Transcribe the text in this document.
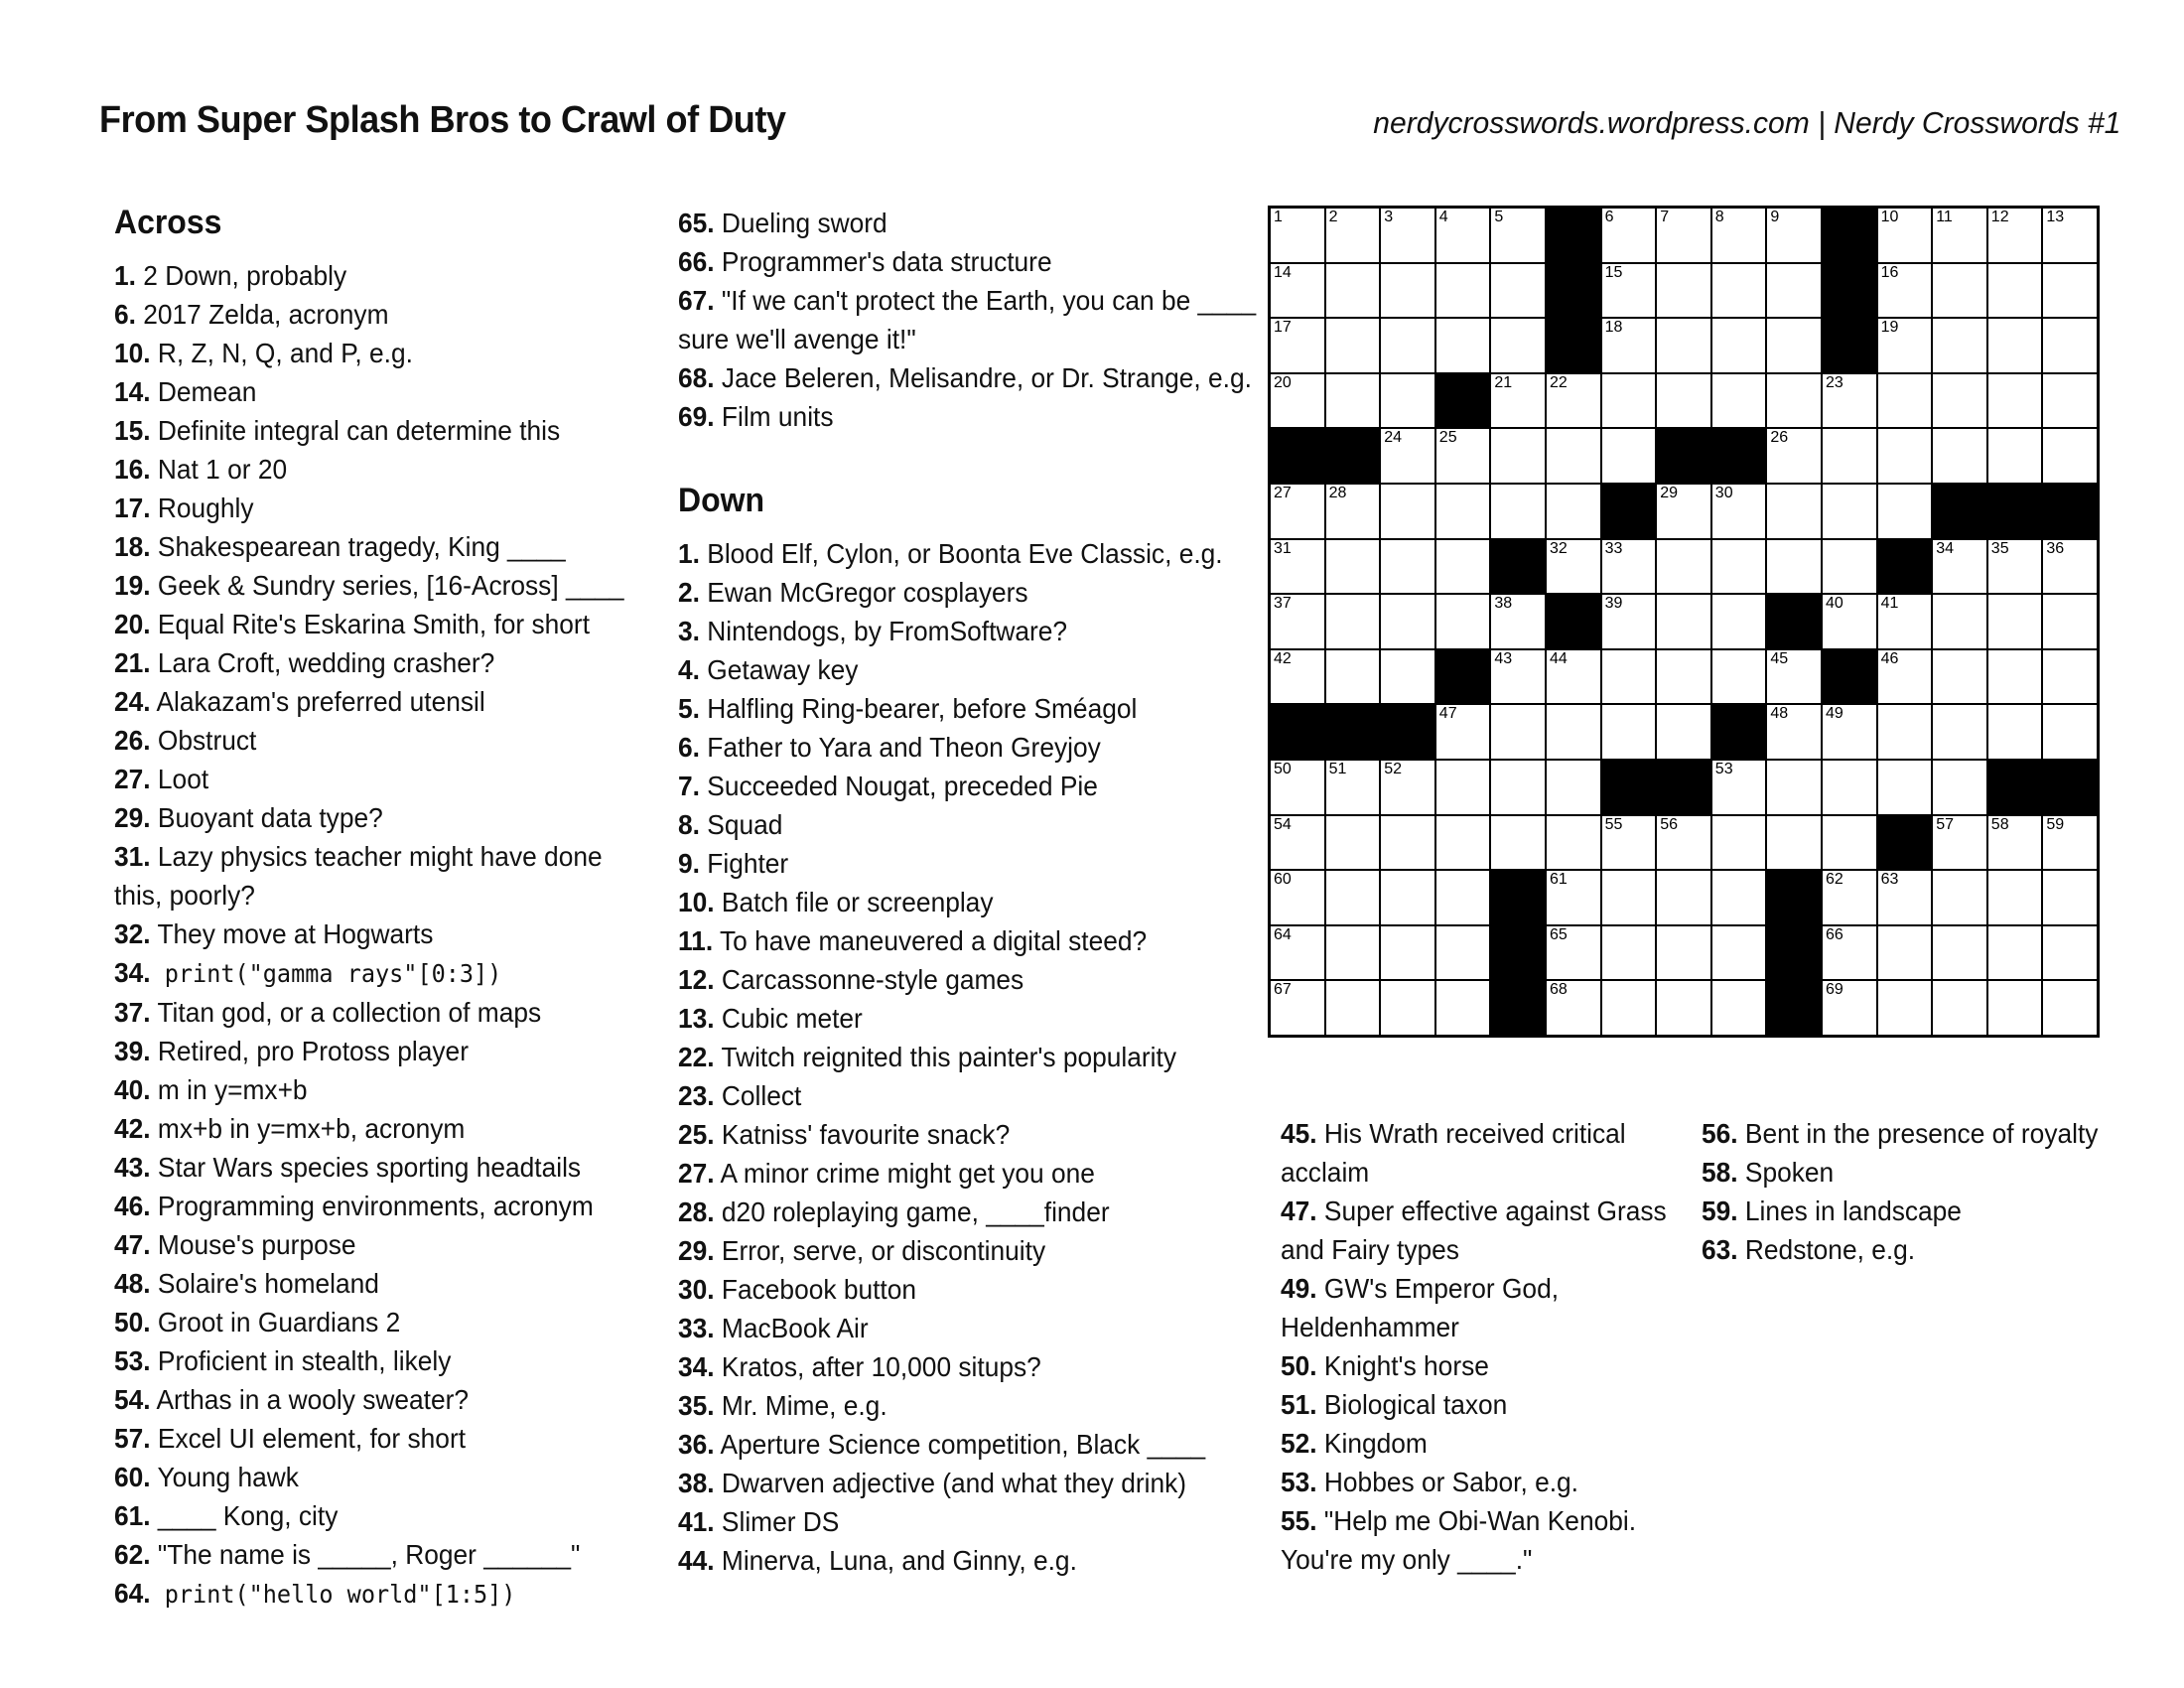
From Super Splash Bros to Crawl of Duty	nerdycrosswords.wordpress.com | Nerdy Crosswords #1
Across
1. 2 Down, probably
6. 2017 Zelda, acronym
10. R, Z, N, Q, and P, e.g.
14. Demean
15. Definite integral can determine this
16. Nat 1 or 20
17. Roughly
18. Shakespearean tragedy, King ____
19. Geek & Sundry series, [16-Across] ____
20. Equal Rite's Eskarina Smith, for short
21. Lara Croft, wedding crasher?
24. Alakazam's preferred utensil
26. Obstruct
27. Loot
29. Buoyant data type?
31. Lazy physics teacher might have done this, poorly?
32. They move at Hogwarts
34. print("gamma rays"[0:3])
37. Titan god, or a collection of maps
39. Retired, pro Protoss player
40. m in y=mx+b
42. mx+b in y=mx+b, acronym
43. Star Wars species sporting headtails
46. Programming environments, acronym
47. Mouse's purpose
48. Solaire's homeland
50. Groot in Guardians 2
53. Proficient in stealth, likely
54. Arthas in a wooly sweater?
57. Excel UI element, for short
60. Young hawk
61. ____ Kong, city
62. "The name is _____, Roger ______"
64. print("hello world"[1:5])
65. Dueling sword
66. Programmer's data structure
67. "If we can't protect the Earth, you can be ____ sure we'll avenge it!"
68. Jace Beleren, Melisandre, or Dr. Strange, e.g.
69. Film units
Down
1. Blood Elf, Cylon, or Boonta Eve Classic, e.g.
2. Ewan McGregor cosplayers
3. Nintendogs, by FromSoftware?
4. Getaway key
5. Halfling Ring-bearer, before Sméagol
6. Father to Yara and Theon Greyjoy
7. Succeeded Nougat, preceded Pie
8. Squad
9. Fighter
10. Batch file or screenplay
11. To have maneuvered a digital steed?
12. Carcassonne-style games
13. Cubic meter
22. Twitch reignited this painter's popularity
23. Collect
25. Katniss' favourite snack?
27. A minor crime might get you one
28. d20 roleplaying game, ____finder
29. Error, serve, or discontinuity
30. Facebook button
33. MacBook Air
34. Kratos, after 10,000 situps?
35. Mr. Mime, e.g.
36. Aperture Science competition, Black ____
38. Dwarven adjective (and what they drink)
41. Slimer DS
44. Minerva, Luna, and Ginny, e.g.
45. His Wrath received critical acclaim
47. Super effective against Grass and Fairy types
49. GW's Emperor God, Heldenhammer
50. Knight's horse
51. Biological taxon
52. Kingdom
53. Hobbes or Sabor, e.g.
55. "Help me Obi-Wan Kenobi. You're my only ____."
56. Bent in the presence of royalty
58. Spoken
59. Lines in landscape
63. Redstone, e.g.
1	2	3	4	5	6	7	8	9	10 11 12 13
14	15	16
17	18	19
20	21 22	23
24 25	26
27 28	29 30
31	32 33	34 35 36
37	38	39	40 41
42	43 44	45	46
47	48 49
50 51 52	53
54	55 56	57 58 59
60	61	62 63
64	65	66
67	68	69
